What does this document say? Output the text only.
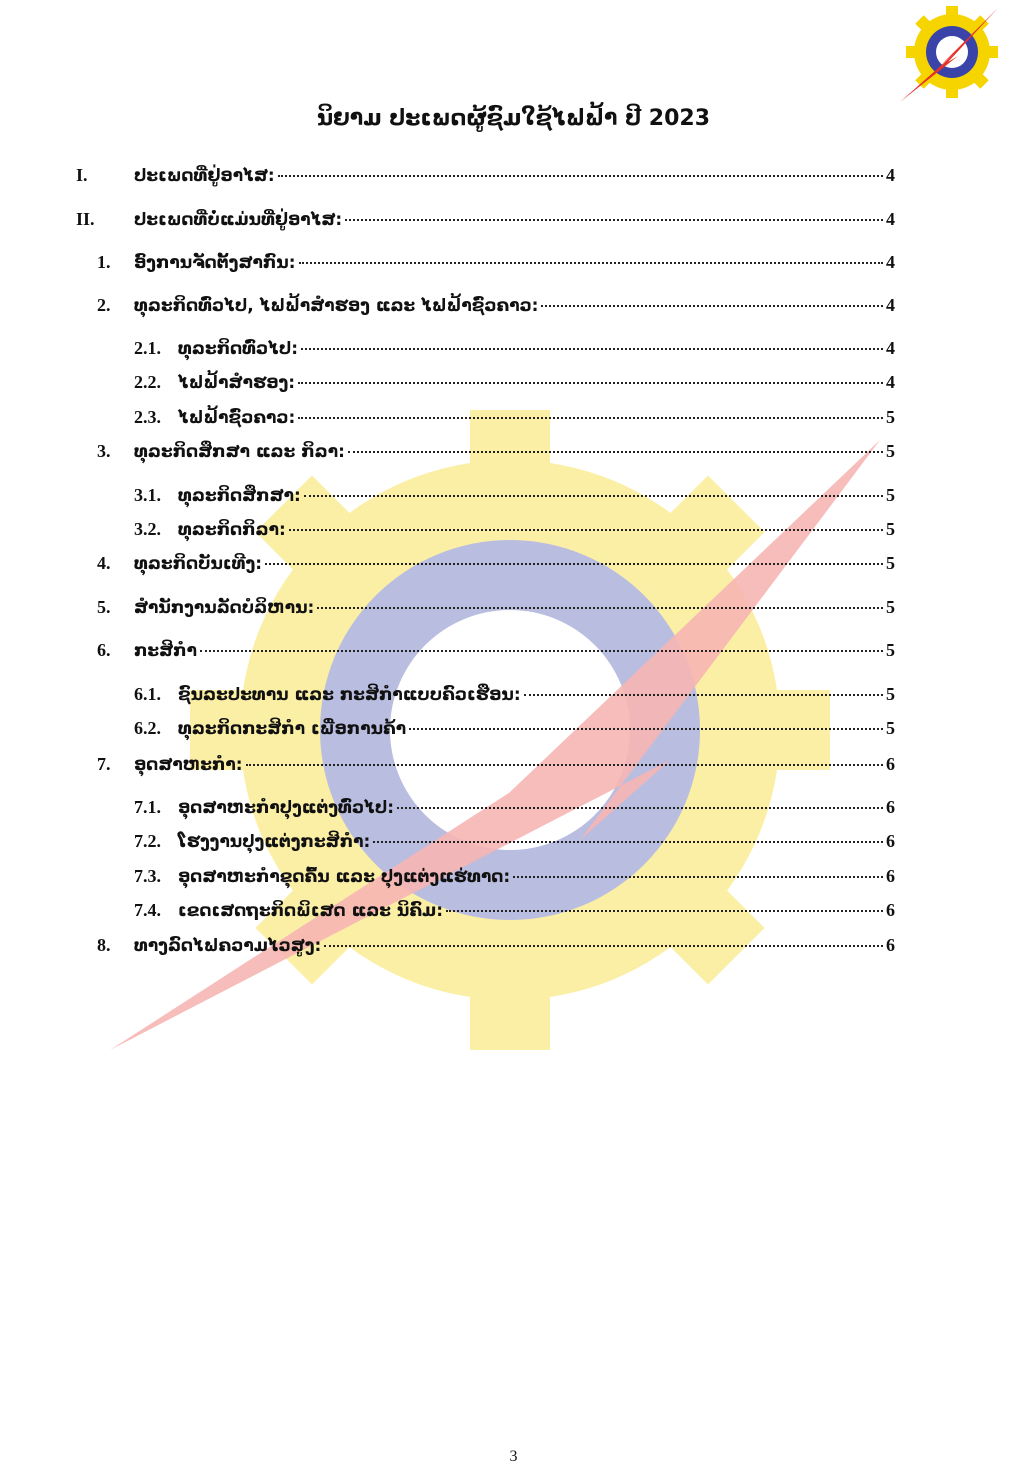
ນິຍາມ ປະເພດຜູ້ຊົມໃຊ້ໄຟຟ້າ ປີ 2023
I.	ປະເພດທີ່ຢູ່ອາໄສ:	4
II.	ປະເພດທີ່ບໍ່ແມ່ນທີ່ຢູ່ອາໄສ:	4
1.	ອົງການຈັດຕັ້ງສາກົນ:	4
2.	ທຸລະກິດທົ່ວໄປ, ໄຟຟ້າສຳຮອງ ແລະ ໄຟຟ້າຊົ່ວຄາວ:	4
2.1.	ທຸລະກິດທົ່ວໄປ:	4
2.2.	ໄຟຟ້າສຳຮອງ:	4
2.3.	ໄຟຟ້າຊົ່ວຄາວ:	5
3.	ທຸລະກິດສຶກສາ ແລະ ກິລາ:	5
3.1.	ທຸລະກິດສຶກສາ:	5
3.2.	ທຸລະກິດກິລາ:	5
4.	ທຸລະກິດບັນເທີງ:	5
5.	ສຳນັກງານລັດບໍລິຫານ:	5
6.	ກະສິກຳ	5
6.1.	ຊົນລະປະທານ ແລະ ກະສິກຳແບບຄົວເຮືອນ:	5
6.2.	ທຸລະກິດກະສິກຳ ເພື່ອການຄ້າ	5
7.	ອຸດສາຫະກຳ:	6
7.1.	ອຸດສາຫະກຳປຸງແຕ່ງທົ່ວໄປ:	6
7.2.	ໂຮງງານປຸງແຕ່ງກະສິກຳ:	6
7.3.	ອຸດສາຫະກຳຂຸດຄົ້ນ ແລະ ປຸງແຕ່ງແຮ່ທາດ:	6
7.4.	ເຂດເສດຖະກິດພິເສດ ແລະ ນິຄົມ:	6
8.	ທາງລົດໄຟຄວາມໄວສູງ:	6
3
